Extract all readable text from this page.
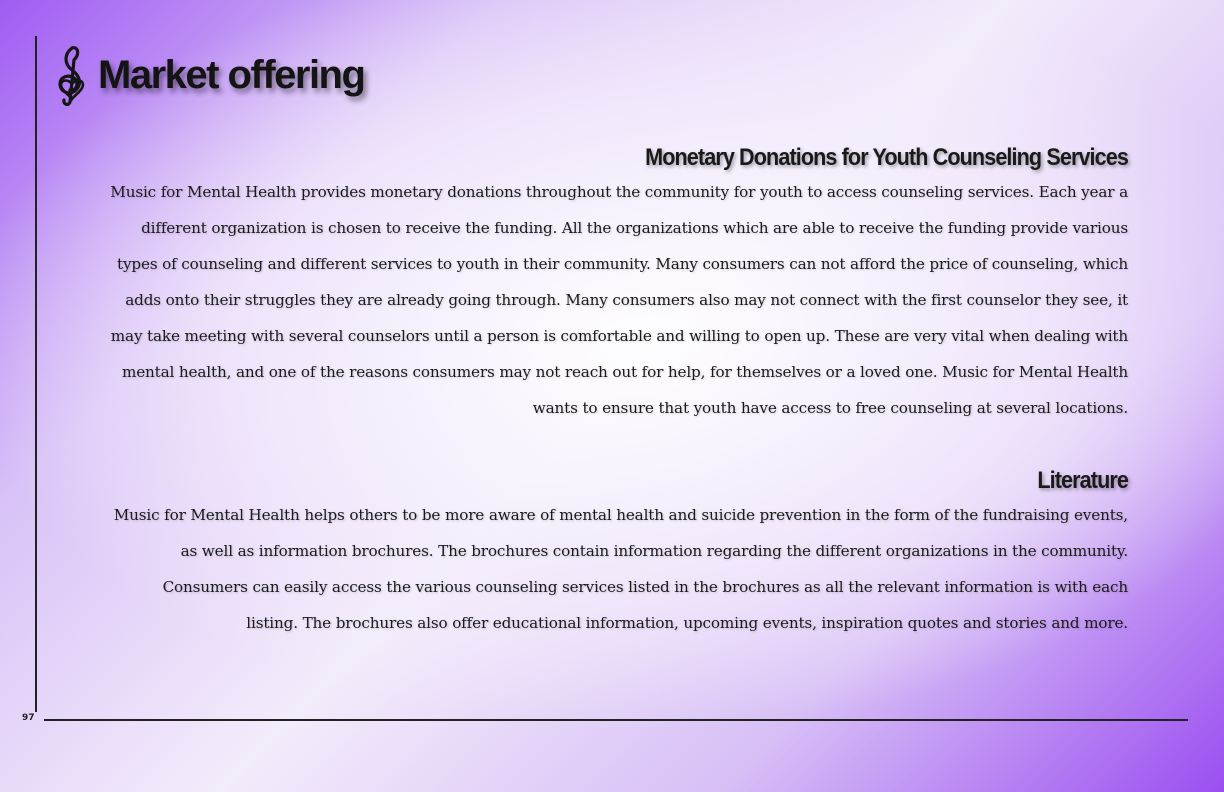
97
Market offering
Monetary Donations for Youth Counseling Services

Music for Mental Health provides monetary donations throughout the community for youth to access counseling services. Each year a different organization is chosen to receive the funding. All the organizations which are able to receive the funding provide various types of counseling and different services to youth in their community. Many consumers can not afford the price of counseling, which adds onto their struggles they are already going through. Many consumers also may not connect with the first counselor they see, it may take meeting with several counselors until a person is comfortable and willing to open up. These are very vital when dealing with mental health, and one of the reasons consumers may not reach out for help, for themselves or a loved one. Music for Mental Health wants to ensure that youth have access to free counseling at several locations.

Literature

Music for Mental Health helps others to be more aware of mental health and suicide prevention in the form of the fundraising events, as well as information brochures. The brochures contain information regarding the different organizations in the community. Consumers can easily access the various counseling services listed in the brochures as all the relevant information is with each listing. The brochures also offer educational information, upcoming events, inspiration quotes and stories and more.
